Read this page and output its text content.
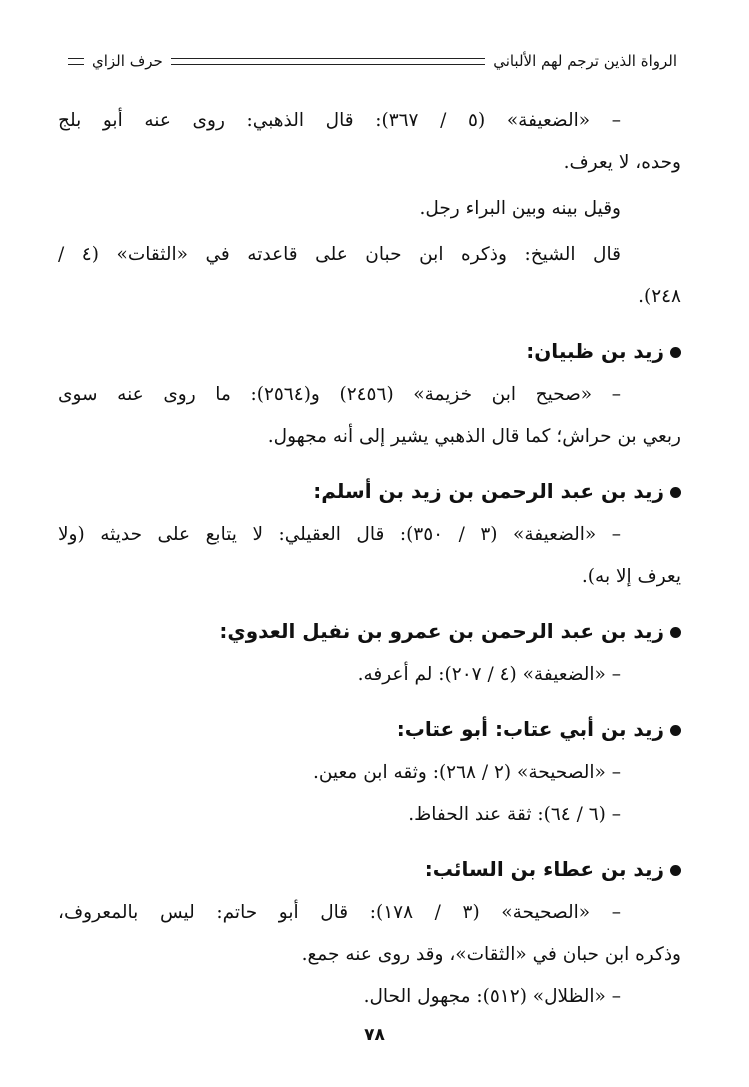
الرواة الذين ترجم لهم الألباني
حرف الزاي
– «الضعيفة» (٥ / ٣٦٧): قال الذهبي: روى عنه أبو بلج
وحده، لا يعرف.
وقيل بينه وبين البراء رجل.
قال الشيخ: وذكره ابن حبان على قاعدته في «الثقات» (٤ /
٢٤٨).
زيد بن ظبيان:
– «صحيح ابن خزيمة» (٢٤٥٦) و(٢٥٦٤): ما روى عنه سوى
ربعي بن حراش؛ كما قال الذهبي يشير إلى أنه مجهول.
زيد بن عبد الرحمن بن زيد بن أسلم:
– «الضعيفة» (٣ / ٣٥٠): قال العقيلي: لا يتابع على حديثه (ولا
يعرف إلا به).
زيد بن عبد الرحمن بن عمرو بن نفيل العدوي:
– «الضعيفة» (٤ / ٢٠٧): لم أعرفه.
زيد بن أبي عتاب: أبو عتاب:
– «الصحيحة» (٢ / ٢٦٨): وثقه ابن معين.
– (٦ / ٦٤): ثقة عند الحفاظ.
زيد بن عطاء بن السائب:
– «الصحيحة» (٣ / ١٧٨): قال أبو حاتم: ليس بالمعروف،
وذكره ابن حبان في «الثقات»، وقد روى عنه جمع.
– «الظلال» (٥١٢): مجهول الحال.
٧٨
